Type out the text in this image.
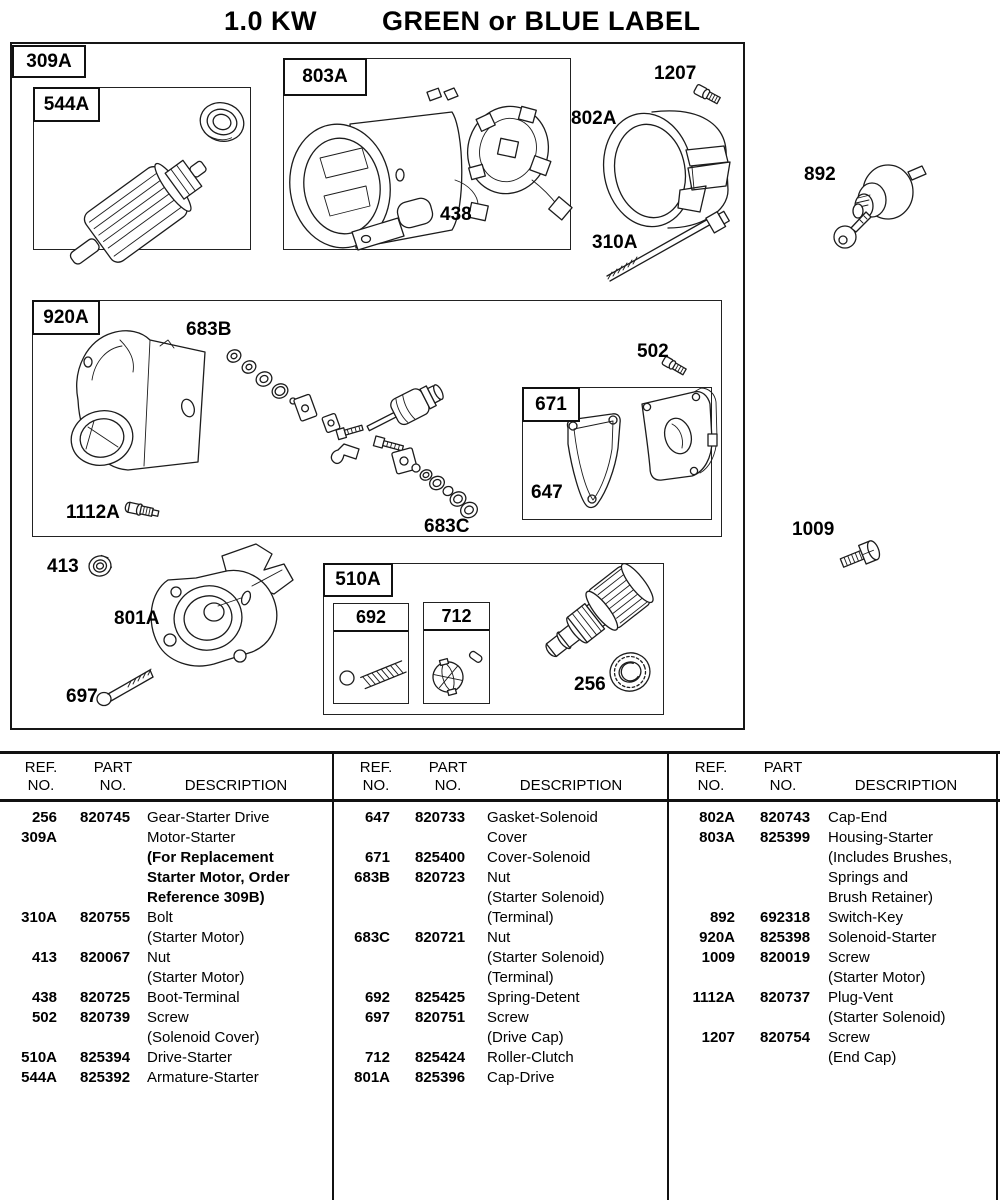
1.0 KW GREEN or BLUE LABEL
692	712
309A
544A
803A
920A
671
510A
438
802A
1207
310A
892
683B
502
647
683C
1112A
1009
413
801A
697
256
REF.
NO.
PART
NO.	DESCRIPTION
256	820745	Gear-Starter Drive
309A	Motor-Starter
(For Replacement
Starter Motor, Order
Reference 309B)
310A	820755	Bolt
(Starter Motor)
413	820067	Nut
(Starter Motor)
438	820725	Boot-Terminal
502	820739	Screw
(Solenoid Cover)
510A	825394	Drive-Starter
544A	825392	Armature-Starter
REF.
NO.
PART
NO.	DESCRIPTION
647	820733	Gasket-Solenoid
Cover
671	825400	Cover-Solenoid
683B	820723	Nut
(Starter Solenoid)
(Terminal)
683C	820721	Nut
(Starter Solenoid)
(Terminal)
692	825425	Spring-Detent
697	820751	Screw
(Drive Cap)
712	825424	Roller-Clutch
801A	825396	Cap-Drive
REF.
NO.
PART
NO.	DESCRIPTION
802A	820743	Cap-End
803A	825399	Housing-Starter
(Includes Brushes,
Springs and
Brush Retainer)
892	692318	Switch-Key
920A	825398	Solenoid-Starter
1009	820019	Screw
(Starter Motor)
1112A	820737	Plug-Vent
(Starter Solenoid)
1207	820754	Screw
(End Cap)
